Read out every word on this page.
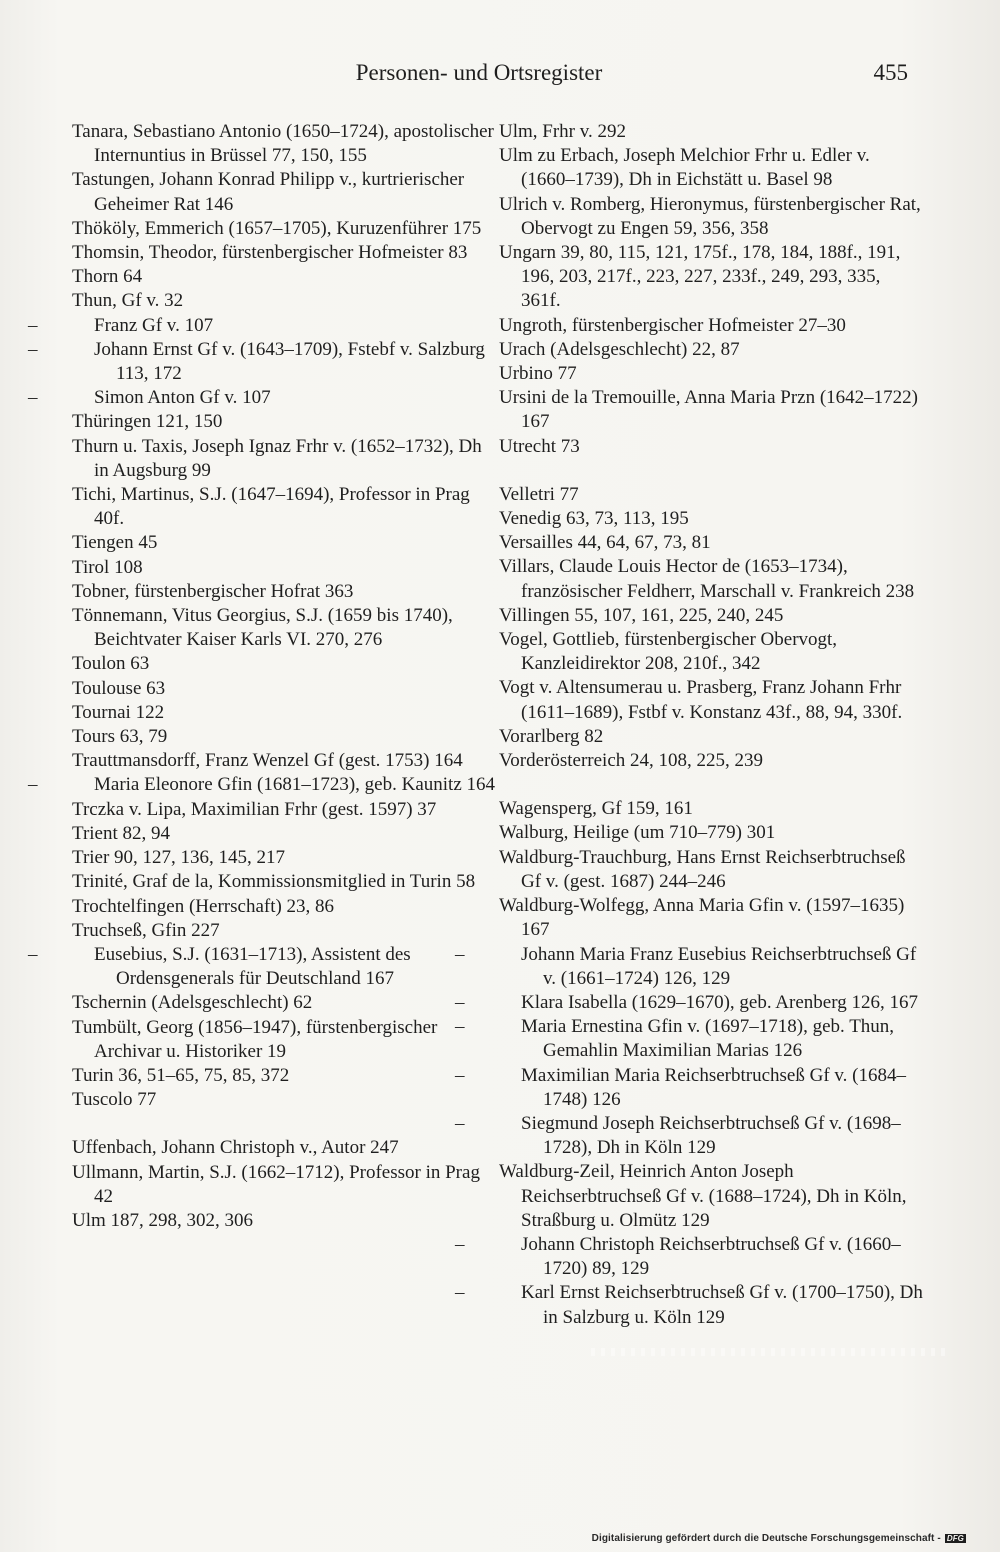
Personen- und Ortsregister	455

Tanara, Sebastiano Antonio (1650–1724), apostolischer Internuntius in Brüssel 77, 150, 155

Tastungen, Johann Konrad Philipp v., kurtrierischer Geheimer Rat 146

Thököly, Emmerich (1657–1705), Kuruzenführer 175

Thomsin, Theodor, fürstenbergischer Hofmeister 83

Thorn 64

Thun, Gf v. 32

–	Franz Gf v. 107

–	Johann Ernst Gf v. (1643–1709), Fstebf v. Salzburg 113, 172

–	Simon Anton Gf v. 107

Thüringen 121, 150

Thurn u. Taxis, Joseph Ignaz Frhr v. (1652–1732), Dh in Augsburg 99

Tichi, Martinus, S.J. (1647–1694), Professor in Prag 40f.

Tiengen 45

Tirol 108

Tobner, fürstenbergischer Hofrat 363

Tönnemann, Vitus Georgius, S.J. (1659 bis 1740), Beichtvater Kaiser Karls VI. 270, 276

Toulon 63

Toulouse 63

Tournai 122

Tours 63, 79

Trauttmansdorff, Franz Wenzel Gf (gest. 1753) 164

–	Maria Eleonore Gfin (1681–1723), geb. Kaunitz 164

Trczka v. Lipa, Maximilian Frhr (gest. 1597) 37

Trient 82, 94

Trier 90, 127, 136, 145, 217

Trinité, Graf de la, Kommissionsmitglied in Turin 58

Trochtelfingen (Herrschaft) 23, 86

Truchseß, Gfin 227

–	Eusebius, S.J. (1631–1713), Assistent des Ordensgenerals für Deutschland 167

Tschernin (Adelsgeschlecht) 62

Tumbült, Georg (1856–1947), fürstenbergischer Archivar u. Historiker 19

Turin 36, 51–65, 75, 85, 372

Tuscolo 77

Uffenbach, Johann Christoph v., Autor 247

Ullmann, Martin, S.J. (1662–1712), Professor in Prag 42

Ulm 187, 298, 302, 306

Ulm, Frhr v. 292

Ulm zu Erbach, Joseph Melchior Frhr u. Edler v. (1660–1739), Dh in Eichstätt u. Basel 98

Ulrich v. Romberg, Hieronymus, fürstenbergischer Rat, Obervogt zu Engen 59, 356, 358

Ungarn 39, 80, 115, 121, 175f., 178, 184, 188f., 191, 196, 203, 217f., 223, 227, 233f., 249, 293, 335, 361f.

Ungroth, fürstenbergischer Hofmeister 27–30

Urach (Adelsgeschlecht) 22, 87

Urbino 77

Ursini de la Tremouille, Anna Maria Przn (1642–1722) 167

Utrecht 73

Velletri 77

Venedig 63, 73, 113, 195

Versailles 44, 64, 67, 73, 81

Villars, Claude Louis Hector de (1653–1734), französischer Feldherr, Marschall v. Frankreich 238

Villingen 55, 107, 161, 225, 240, 245

Vogel, Gottlieb, fürstenbergischer Obervogt, Kanzleidirektor 208, 210f., 342

Vogt v. Altensumerau u. Prasberg, Franz Johann Frhr (1611–1689), Fstbf v. Konstanz 43f., 88, 94, 330f.

Vorarlberg 82

Vorderösterreich 24, 108, 225, 239

Wagensperg, Gf 159, 161

Walburg, Heilige (um 710–779) 301

Waldburg-Trauchburg, Hans Ernst Reichserbtruchseß Gf v. (gest. 1687) 244–246

Waldburg-Wolfegg, Anna Maria Gfin v. (1597–1635) 167

–	Johann Maria Franz Eusebius Reichserbtruchseß Gf v. (1661–1724) 126, 129

–	Klara Isabella (1629–1670), geb. Arenberg 126, 167

–	Maria Ernestina Gfin v. (1697–1718), geb. Thun, Gemahlin Maximilian Marias 126

–	Maximilian Maria Reichserbtruchseß Gf v. (1684–1748) 126

–	Siegmund Joseph Reichserbtruchseß Gf v. (1698–1728), Dh in Köln 129

Waldburg-Zeil, Heinrich Anton Joseph Reichserbtruchseß Gf v. (1688–1724), Dh in Köln, Straßburg u. Olmütz 129

–	Johann Christoph Reichserbtruchseß Gf v. (1660–1720) 89, 129

–	Karl Ernst Reichserbtruchseß Gf v. (1700–1750), Dh in Salzburg u. Köln 129

Digitalisierung gefördert durch die Deutsche Forschungsgemeinschaft - DFG
